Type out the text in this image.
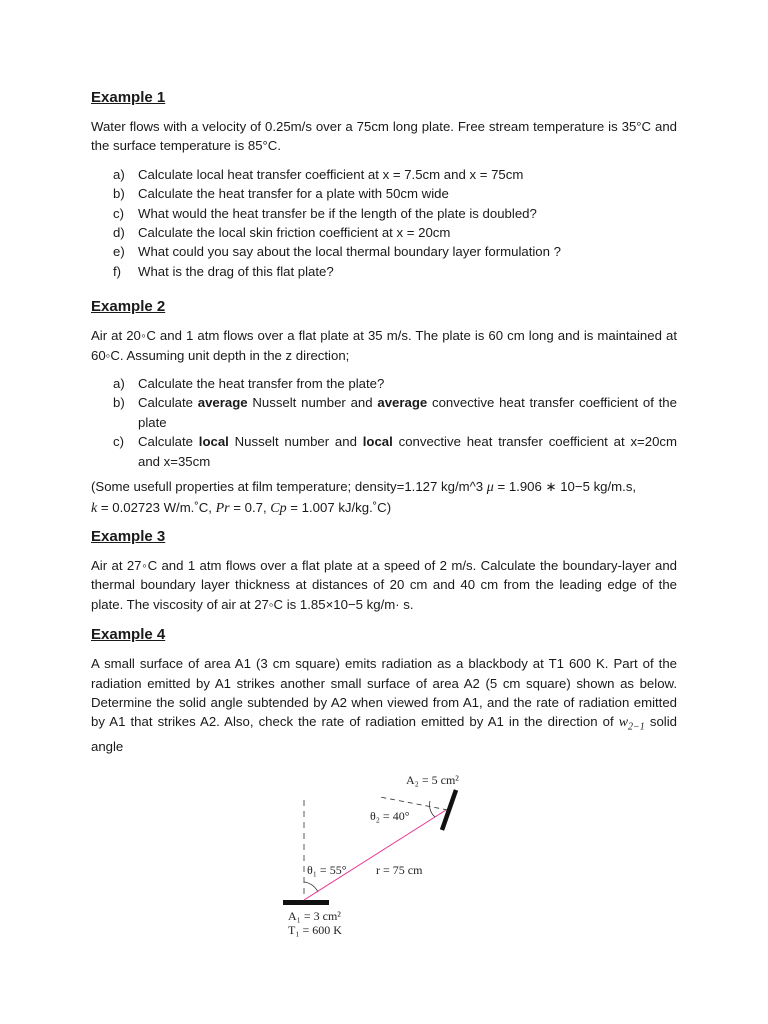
Example 1

Water flows with a velocity of 0.25m/s over a 75cm long plate. Free stream temperature is 35°C and the surface temperature is 85°C.

a) Calculate local heat transfer coefficient at x = 7.5cm and x = 75cm
b) Calculate the heat transfer for a plate with 50cm wide
c) What would the heat transfer be if the length of the plate is doubled?
d) Calculate the local skin friction coefficient at x = 20cm
e) What could you say about the local thermal boundary layer formulation ?
f) What is the drag of this flat plate?
Example 2

Air at 20◦C and 1 atm flows over a flat plate at 35 m/s. The plate is 60 cm long and is maintained at 60◦C. Assuming unit depth in the z direction;

a) Calculate the heat transfer from the plate?
b) Calculate average Nusselt number and average convective heat transfer coefficient of the plate
c) Calculate local Nusselt number and local convective heat transfer coefficient at x=20cm and x=35cm

(Some usefull properties at film temperature; density=1.127 kg/m^3 μ = 1.906 ∗ 10−5 kg/m.s,
k = 0.02723 W/m.˚C, Pr = 0.7, Cp = 1.007 kJ/kg.˚C)

Example 3

Air at 27◦C and 1 atm flows over a flat plate at a speed of 2 m/s. Calculate the boundary-layer and thermal boundary layer thickness at distances of 20 cm and 40 cm from the leading edge of the plate. The viscosity of air at 27◦C is 1.85×10−5 kg/m· s.

Example 4

A small surface of area A1 (3 cm square) emits radiation as a blackbody at T1 600 K. Part of the radiation emitted by A1 strikes another small surface of area A2 (5 cm square) shown as below. Determine the solid angle subtended by A2 when viewed from A1, and the rate of radiation emitted by A1 that strikes A2. Also, check the rate of radiation emitted by A1 in the direction of $w_{2-1}$ solid angle

A₂ = 5 cm²
θ₂ = 40°
θ₁ = 55° r = 75 cm
A₁ = 3 cm²
T₁ = 600 K
